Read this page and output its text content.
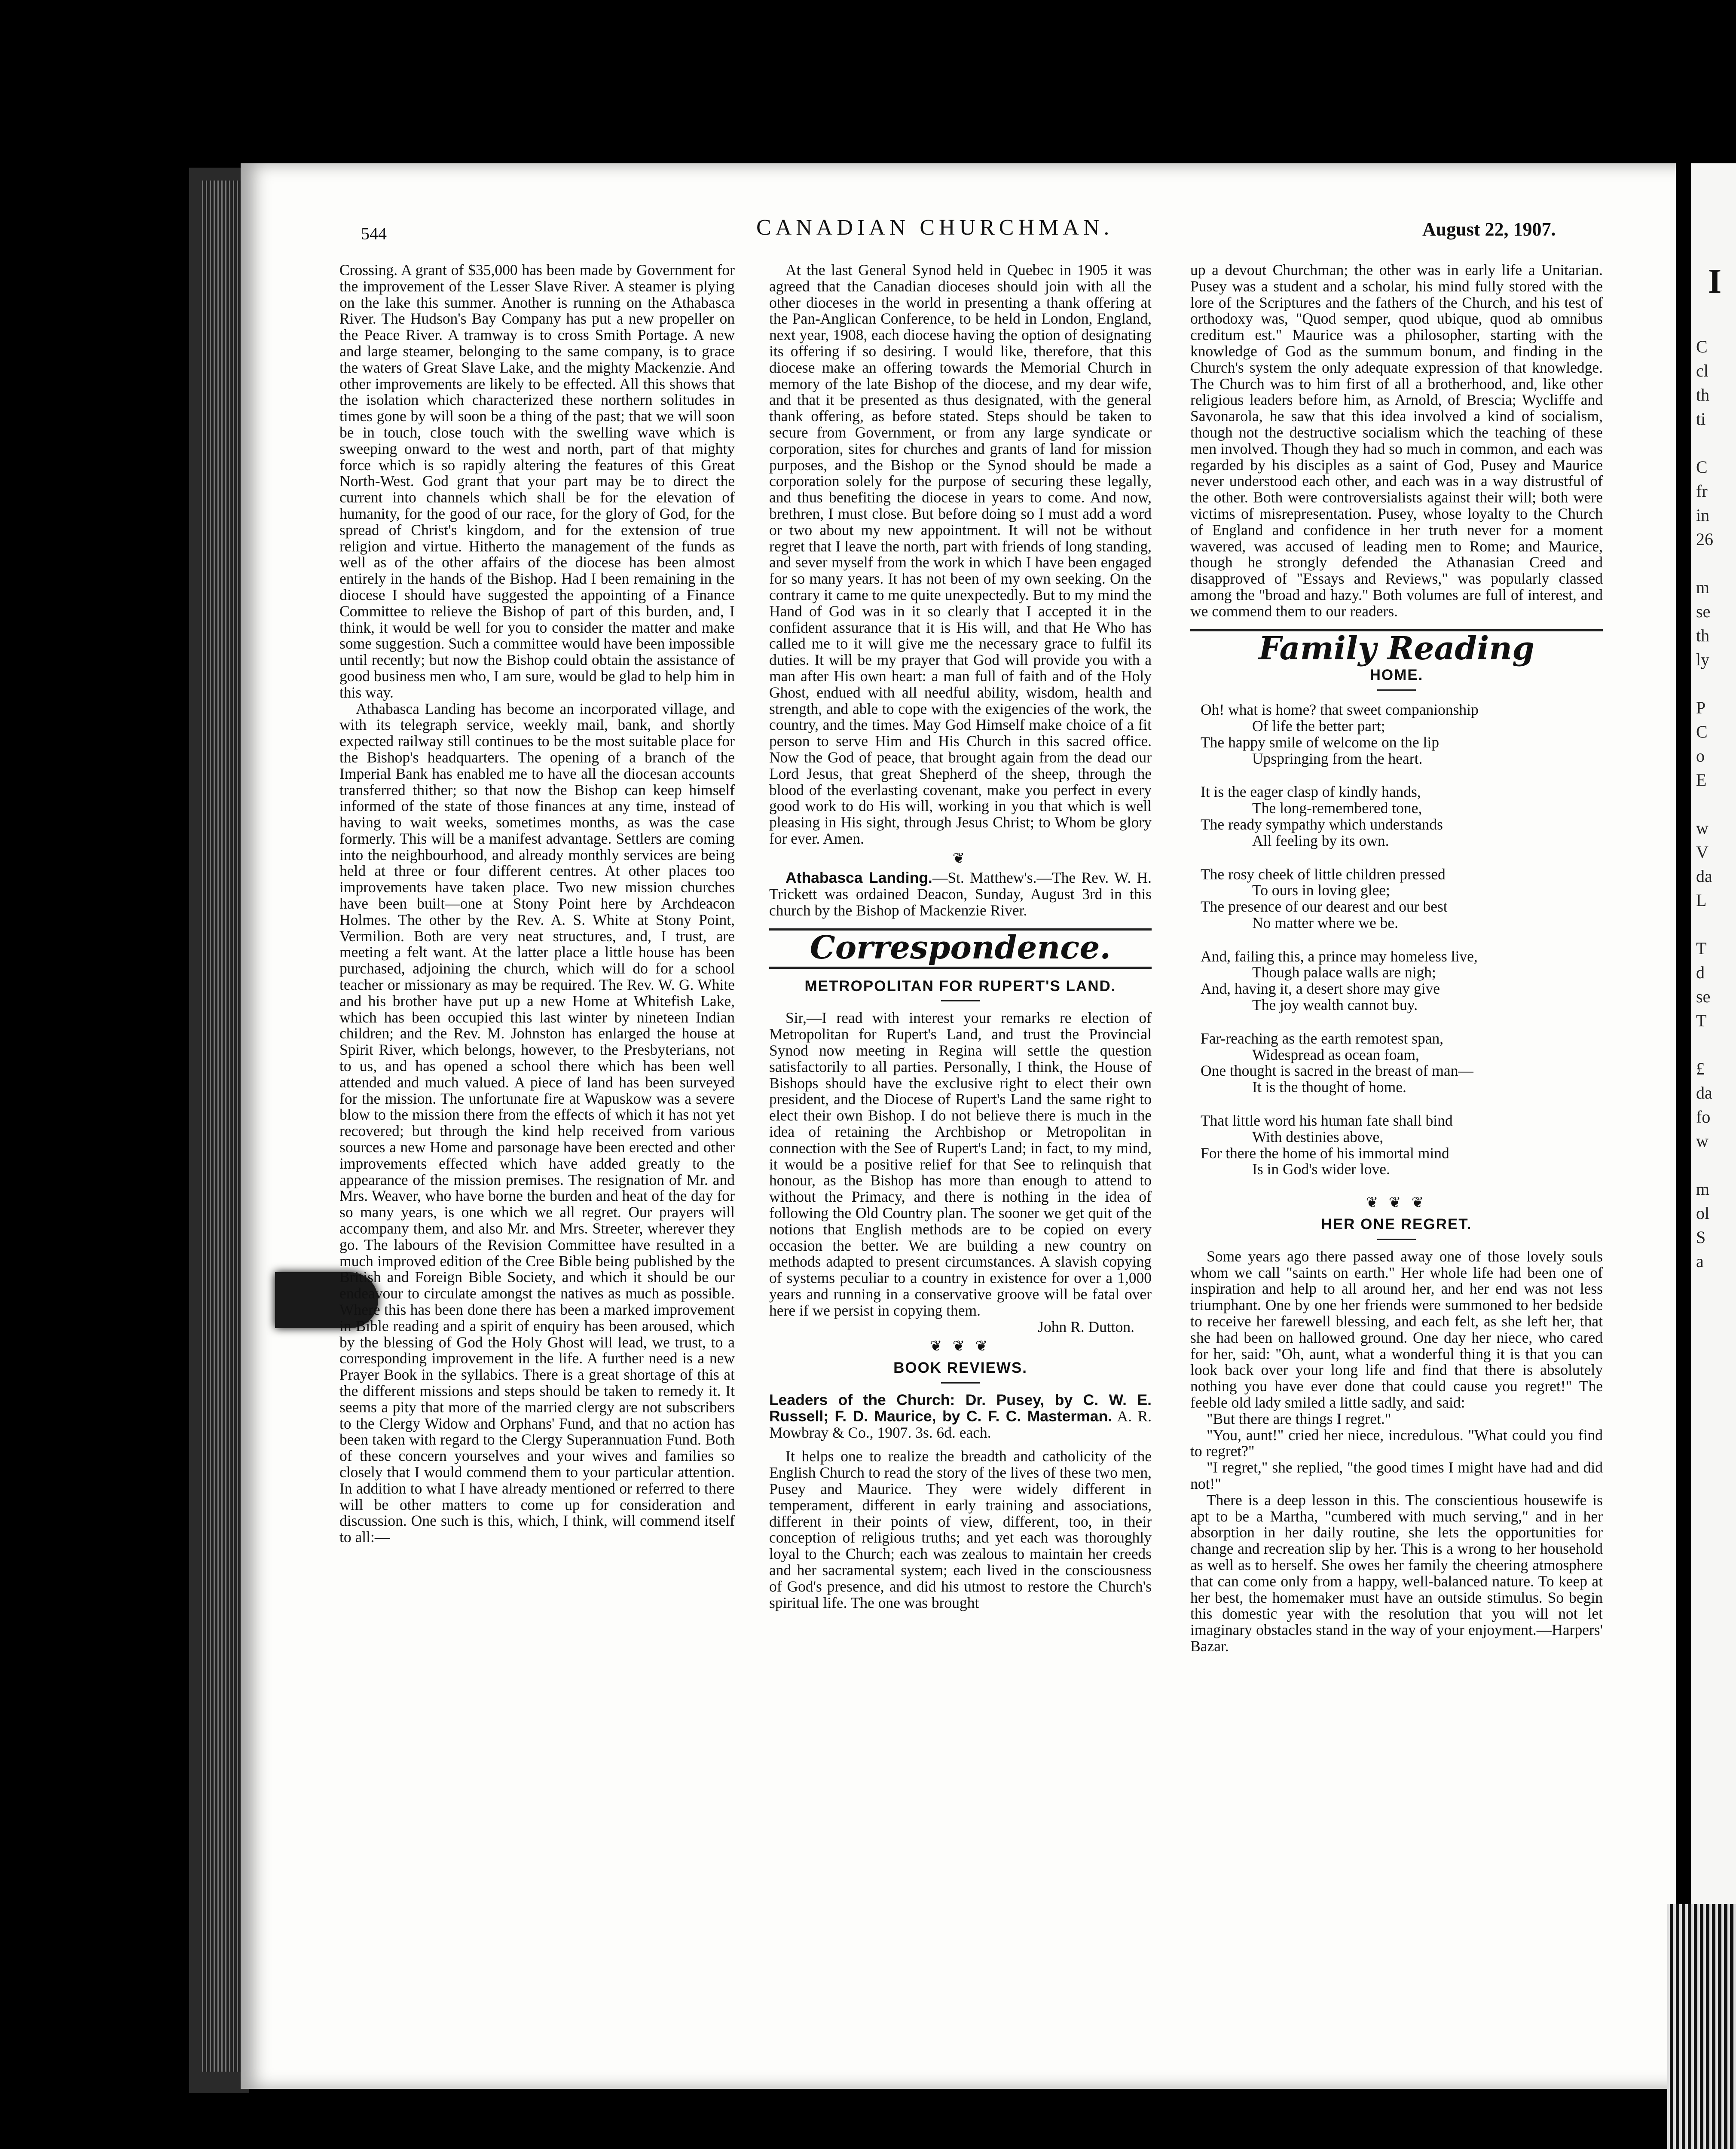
544	CANADIAN CHURCHMAN.	August 22, 1907.

Crossing. A grant of $35,000 has been made by Government for the improvement of the Lesser Slave River. A steamer is plying on the lake this summer. Another is running on the Athabasca River. The Hudson's Bay Company has put a new propeller on the Peace River. A tramway is to cross Smith Portage. A new and large steamer, belonging to the same company, is to grace the waters of Great Slave Lake, and the mighty Mackenzie. And other improvements are likely to be effected. All this shows that the isolation which characterized these northern solitudes in times gone by will soon be a thing of the past; that we will soon be in touch, close touch with the swelling wave which is sweeping onward to the west and north, part of that mighty force which is so rapidly altering the features of this Great North-West. God grant that your part may be to direct the current into channels which shall be for the elevation of humanity, for the good of our race, for the glory of God, for the spread of Christ's kingdom, and for the extension of true religion and virtue. Hitherto the management of the funds as well as of the other affairs of the diocese has been almost entirely in the hands of the Bishop. Had I been remaining in the diocese I should have suggested the appointing of a Finance Committee to relieve the Bishop of part of this burden, and, I think, it would be well for you to consider the matter and make some suggestion. Such a committee would have been impossible until recently; but now the Bishop could obtain the assistance of good business men who, I am sure, would be glad to help him in this way.

Athabasca Landing has become an incorporated village, and with its telegraph service, weekly mail, bank, and shortly expected railway still continues to be the most suitable place for the Bishop's headquarters. The opening of a branch of the Imperial Bank has enabled me to have all the diocesan accounts transferred thither; so that now the Bishop can keep himself informed of the state of those finances at any time, instead of having to wait weeks, sometimes months, as was the case formerly. This will be a manifest advantage. Settlers are coming into the neighbourhood, and already monthly services are being held at three or four different centres. At other places too improvements have taken place. Two new mission churches have been built—one at Stony Point here by Archdeacon Holmes. The other by the Rev. A. S. White at Stony Point, Vermilion. Both are very neat structures, and, I trust, are meeting a felt want. At the latter place a little house has been purchased, adjoining the church, which will do for a school teacher or missionary as may be required. The Rev. W. G. White and his brother have put up a new Home at Whitefish Lake, which has been occupied this last winter by nineteen Indian children; and the Rev. M. Johnston has enlarged the house at Spirit River, which belongs, however, to the Presbyterians, not to us, and has opened a school there which has been well attended and much valued. A piece of land has been surveyed for the mission. The unfortunate fire at Wapuskow was a severe blow to the mission there from the effects of which it has not yet recovered; but through the kind help received from various sources a new Home and parsonage have been erected and other improvements effected which have added greatly to the appearance of the mission premises. The resignation of Mr. and Mrs. Weaver, who have borne the burden and heat of the day for so many years, is one which we all regret. Our prayers will accompany them, and also Mr. and Mrs. Streeter, wherever they go. The labours of the Revision Committee have resulted in a much improved edition of the Cree Bible being published by the British and Foreign Bible Society, and which it should be our endeavour to circulate amongst the natives as much as possible. Where this has been done there has been a marked improvement in Bible reading and a spirit of enquiry has been aroused, which by the blessing of God the Holy Ghost will lead, we trust, to a corresponding improvement in the life. A further need is a new Prayer Book in the syllabics. There is a great shortage of this at the different missions and steps should be taken to remedy it. It seems a pity that more of the married clergy are not subscribers to the Clergy Widow and Orphans' Fund, and that no action has been taken with regard to the Clergy Superannuation Fund. Both of these concern yourselves and your wives and families so closely that I would commend them to your particular attention. In addition to what I have already mentioned or referred to there will be other matters to come up for consideration and discussion. One such is this, which, I think, will commend itself to all:—

At the last General Synod held in Quebec in 1905 it was agreed that the Canadian dioceses should join with all the other dioceses in the world in presenting a thank offering at the Pan-Anglican Conference, to be held in London, England, next year, 1908, each diocese having the option of designating its offering if so desiring. I would like, therefore, that this diocese make an offering towards the Memorial Church in memory of the late Bishop of the diocese, and my dear wife, and that it be presented as thus designated, with the general thank offering, as before stated. Steps should be taken to secure from Government, or from any large syndicate or corporation, sites for churches and grants of land for mission purposes, and the Bishop or the Synod should be made a corporation solely for the purpose of securing these legally, and thus benefiting the diocese in years to come. And now, brethren, I must close. But before doing so I must add a word or two about my new appointment. It will not be without regret that I leave the north, part with friends of long standing, and sever myself from the work in which I have been engaged for so many years. It has not been of my own seeking. On the contrary it came to me quite unexpectedly. But to my mind the Hand of God was in it so clearly that I accepted it in the confident assurance that it is His will, and that He Who has called me to it will give me the necessary grace to fulfil its duties. It will be my prayer that God will provide you with a man after His own heart: a man full of faith and of the Holy Ghost, endued with all needful ability, wisdom, health and strength, and able to cope with the exigencies of the work, the country, and the times. May God Himself make choice of a fit person to serve Him and His Church in this sacred office. Now the God of peace, that brought again from the dead our Lord Jesus, that great Shepherd of the sheep, through the blood of the everlasting covenant, make you perfect in every good work to do His will, working in you that which is well pleasing in His sight, through Jesus Christ; to Whom be glory for ever. Amen.

❦

Athabasca Landing.—St. Matthew's.—The Rev. W. H. Trickett was ordained Deacon, Sunday, August 3rd in this church by the Bishop of Mackenzie River.

Correspondence.
METROPOLITAN FOR RUPERT'S LAND.

Sir,—I read with interest your remarks re election of Metropolitan for Rupert's Land, and trust the Provincial Synod now meeting in Regina will settle the question satisfactorily to all parties. Personally, I think, the House of Bishops should have the exclusive right to elect their own president, and the Diocese of Rupert's Land the same right to elect their own Bishop. I do not believe there is much in the idea of retaining the Archbishop or Metropolitan in connection with the See of Rupert's Land; in fact, to my mind, it would be a positive relief for that See to relinquish that honour, as the Bishop has more than enough to attend to without the Primacy, and there is nothing in the idea of following the Old Country plan. The sooner we get quit of the notions that English methods are to be copied on every occasion the better. We are building a new country on methods adapted to present circumstances. A slavish copying of systems peculiar to a country in existence for over a 1,000 years and running in a conservative groove will be fatal over here if we persist in copying them.

John R. Dutton.

❦ ❦ ❦
BOOK REVIEWS.

Leaders of the Church: Dr. Pusey, by C. W. E. Russell; F. D. Maurice, by C. F. C. Masterman. A. R. Mowbray & Co., 1907. 3s. 6d. each.

It helps one to realize the breadth and catholicity of the English Church to read the story of the lives of these two men, Pusey and Maurice. They were widely different in temperament, different in early training and associations, different in their points of view, different, too, in their conception of religious truths; and yet each was thoroughly loyal to the Church; each was zealous to maintain her creeds and her sacramental system; each lived in the consciousness of God's presence, and did his utmost to restore the Church's spiritual life. The one was brought

up a devout Churchman; the other was in early life a Unitarian. Pusey was a student and a scholar, his mind fully stored with the lore of the Scriptures and the fathers of the Church, and his test of orthodoxy was, "Quod semper, quod ubique, quod ab omnibus creditum est." Maurice was a philosopher, starting with the knowledge of God as the summum bonum, and finding in the Church's system the only adequate expression of that knowledge. The Church was to him first of all a brotherhood, and, like other religious leaders before him, as Arnold, of Brescia; Wycliffe and Savonarola, he saw that this idea involved a kind of socialism, though not the destructive socialism which the teaching of these men involved. Though they had so much in common, and each was regarded by his disciples as a saint of God, Pusey and Maurice never understood each other, and each was in a way distrustful of the other. Both were controversialists against their will; both were victims of misrepresentation. Pusey, whose loyalty to the Church of England and confidence in her truth never for a moment wavered, was accused of leading men to Rome; and Maurice, though he strongly defended the Athanasian Creed and disapproved of "Essays and Reviews," was popularly classed among the "broad and hazy." Both volumes are full of interest, and we commend them to our readers.

Family Reading
HOME.
Oh! what is home? that sweet companionship
Of life the better part;
The happy smile of welcome on the lip
Upspringing from the heart.
It is the eager clasp of kindly hands,
The long-remembered tone,
The ready sympathy which understands
All feeling by its own.
The rosy cheek of little children pressed
To ours in loving glee;
The presence of our dearest and our best
No matter where we be.
And, failing this, a prince may homeless live,
Though palace walls are nigh;
And, having it, a desert shore may give
The joy wealth cannot buy.
Far-reaching as the earth remotest span,
Widespread as ocean foam,
One thought is sacred in the breast of man—
It is the thought of home.
That little word his human fate shall bind
With destinies above,
For there the home of his immortal mind
Is in God's wider love.
❦ ❦ ❦
HER ONE REGRET.

Some years ago there passed away one of those lovely souls whom we call "saints on earth." Her whole life had been one of inspiration and help to all around her, and her end was not less triumphant. One by one her friends were summoned to her bedside to receive her farewell blessing, and each felt, as she left her, that she had been on hallowed ground. One day her niece, who cared for her, said: "Oh, aunt, what a wonderful thing it is that you can look back over your long life and find that there is absolutely nothing you have ever done that could cause you regret!" The feeble old lady smiled a little sadly, and said:

"But there are things I regret."

"You, aunt!" cried her niece, incredulous. "What could you find to regret?"

"I regret," she replied, "the good times I might have had and did not!"

There is a deep lesson in this. The conscientious housewife is apt to be a Martha, "cumbered with much serving," and in her absorption in her daily routine, she lets the opportunities for change and recreation slip by her. This is a wrong to her household as well as to herself. She owes her family the cheering atmosphere that can come only from a happy, well-balanced nature. To keep at her best, the homemaker must have an outside stimulus. So begin this domestic year with the resolution that you will not let imaginary obstacles stand in the way of your enjoyment.—Harpers' Bazar.

I
C
cl
th
ti
C
fr
in
26
m
se
th
ly
P
C
o
E
w
V
da
L
T
d
se
T
£
da
fo
w
m
ol
S
a
